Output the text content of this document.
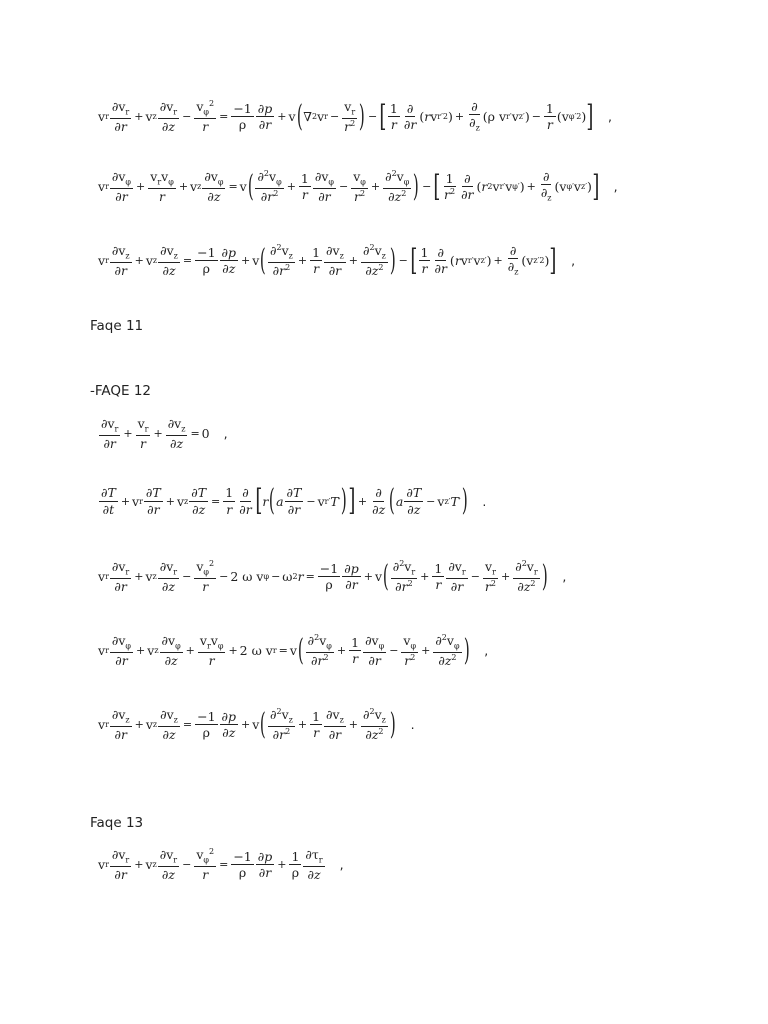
v r $\frac{\partial v_r}{\partial r} + v$ z $\frac{\partial v_r}{\partial z} - \frac{v_\varphi^2}{r} = \frac{-1}{\rho} \frac{\partial p}{\partial r} + v$ ( ∇ 2 v $r - \frac{v_r}{r^2}$ ) − [ $\frac{1}{r} \frac{\partial}{\partial r}$ ( r v r ′2 ) + $\frac{\partial}{\partial_z} (\rho$ v r ′ v z ′ ) − $\frac{1}{r} (v$ φ ′2 ) ] ,
v r $\frac{\partial v_\varphi}{\partial r} + \frac{v_rv_\varphi}{r} + v$ z $\frac{\partial v_\varphi}{\partial z} = v$ ( $\frac{\partial^2v_\varphi}{\partial r^2} + \frac{1}{r} \frac{\partial v_\varphi}{\partial r} - \frac{v_\varphi}{r^2} + \frac{\partial^2v_\varphi}{\partial z^2}$ ) − [ $\frac{1}{r^2} \frac{\partial}{\partial r}$ ( r 2 v r ′ v φ ′ ) + $\frac{\partial}{\partial_z} (v$ φ ′ v z ′ ) ] ,
v r $\frac{\partial v_z}{\partial r} + v$ z $\frac{\partial v_z}{\partial z} = \frac{-1}{\rho} \frac{\partial p}{\partial z} + v$ ( $\frac{\partial^2v_z}{\partial r^2} + \frac{1}{r} \frac{\partial v_z}{\partial r} + \frac{\partial^2v_z}{\partial z^2}$ ) − [ $\frac{1}{r} \frac{\partial}{\partial r}$ ( r v r ′ v z ′ ) + $\frac{\partial}{\partial_z} (v$ z ′2 ) ] ,
Faqe 11
-FAQE 12
$\frac{\partial v_r}{\partial r} + \frac{v_r}{r} + \frac{\partial v_z}{\partial z} = 0$ ,
$\frac{\partial T}{\partial t} + v$ r $\frac{\partial T}{\partial r} + v$ z $\frac{\partial T}{\partial z} = \frac{1}{r} \frac{\partial}{\partial r}$ [ r ( a $\frac{\partial T}{\partial r} - v$ r ′ T ′ ) ] + $\frac{\partial}{\partial z}$ ( a $\frac{\partial T}{\partial z} - v$ z ′ T ′ ) .
v r $\frac{\partial v_r}{\partial r} + v$ z $\frac{\partial v_r}{\partial z} - \frac{v_\varphi^2}{r} - 2$ ω v φ − ω 2 $r = \frac{-1}{\rho} \frac{\partial p}{\partial r} + v$ ( $\frac{\partial^2v_r}{\partial r^2} + \frac{1}{r} \frac{\partial v_r}{\partial r} - \frac{v_r}{r^2} + \frac{\partial^2v_r}{\partial z^2}$ ) ,
v r $\frac{\partial v_\varphi}{\partial r} + v$ z $\frac{\partial v_\varphi}{\partial z} + \frac{v_rv_\varphi}{r} + 2$ ω v r = v ( $\frac{\partial^2v_\varphi}{\partial r^2} + \frac{1}{r} \frac{\partial v_\varphi}{\partial r} - \frac{v_\varphi}{r^2} + \frac{\partial^2v_\varphi}{\partial z^2}$ ) ,
v r $\frac{\partial v_z}{\partial r} + v$ z $\frac{\partial v_z}{\partial z} = \frac{-1}{\rho} \frac{\partial p}{\partial z} + v$ ( $\frac{\partial^2v_z}{\partial r^2} + \frac{1}{r} \frac{\partial v_z}{\partial r} + \frac{\partial^2v_z}{\partial z^2}$ ) .
Faqe 13
v r $\frac{\partial v_r}{\partial r} + v$ z $\frac{\partial v_r}{\partial z} - \frac{v_\varphi^2}{r} = \frac{-1}{\rho} \frac{\partial p}{\partial r} + \frac{1}{\rho} \frac{\partial\tau_r}{\partial z}$ ,
